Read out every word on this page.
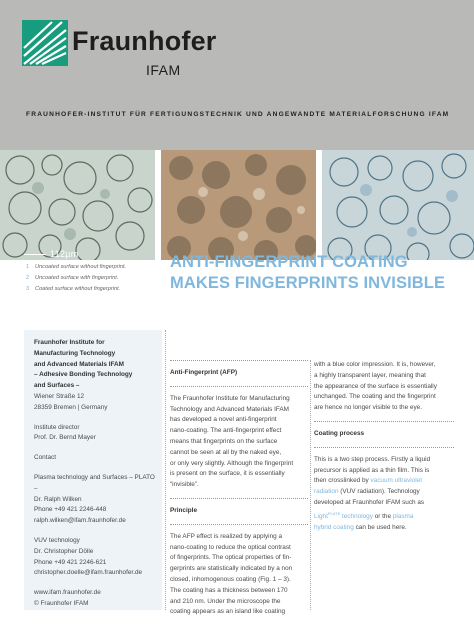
Fraunhofer
IFAM
FRAUNHOFER-INSTITUT FÜR FERTIGUNGSTECHNIK UND ANGEWANDTE MATERIALFORSCHUNG IFAM
112µm
1 Uncoated surface without fingerprint.
2 Uncoated surface with fingerprint.
3 Coated surface without fingerprint.
ANTI-FINGERPRINT COATING
MAKES FINGERPRINTS INVISIBLE
Fraunhofer Institute for
Manufacturing Technology
and Advanced Materials IFAM
– Adhesive Bonding Technology
and Surfaces –
Wiener Straße 12
28359 Bremen | Germany
Institute director
Prof. Dr. Bernd Mayer
Contact
Plasma technology and Surfaces – PLATO –
Dr. Ralph Wilken
Phone +49 421 2246-448
ralph.wilken@ifam.fraunhofer.de
VUV technology
Dr. Christopher Dölle
Phone +49 421 2246-621
christopher.doelle@ifam.fraunhofer.de
www.ifam.fraunhofer.de
© Fraunhofer IFAM
Anti-Fingerprint (AFP)
The Fraunhofer Institute for Manufacturing
Technology and Advanced Materials IFAM
has developed a novel anti-fingerprint
nano-coating. The anti-fingerprint effect
means that fingerprints on the surface
cannot be seen at all by the naked eye,
or only very slightly. Although the fingerprint
is present on the surface, it is essentially
“invisible”.
Principle
The AFP effect is realized by applying a
nano-coating to reduce the optical contrast
of fingerprints. The optical properties of fin-
gerprints are statistically indicated by a non
closed, inhomogenous coating (Fig. 1 – 3).
The coating has a thickness between 170
and 210 nm. Under the microscope the
coating appears as an island like coating
with a blue color impression. It is, however,
a highly transparent layer, meaning that
the appearance of the surface is essentially
unchanged. The coating and the fingerprint
are hence no longer visible to the eye.
Coating process
This is a two step process. Firstly a liquid
precursor is applied as a thin film. This is
then crosslinked by vacuum ultraviolet
radiation (VUV radiation). Technology
developed at Fraunhofer IFAM such as
Light$^{PLATE}$ technology or the plasma
hybrid coating can be used here.
